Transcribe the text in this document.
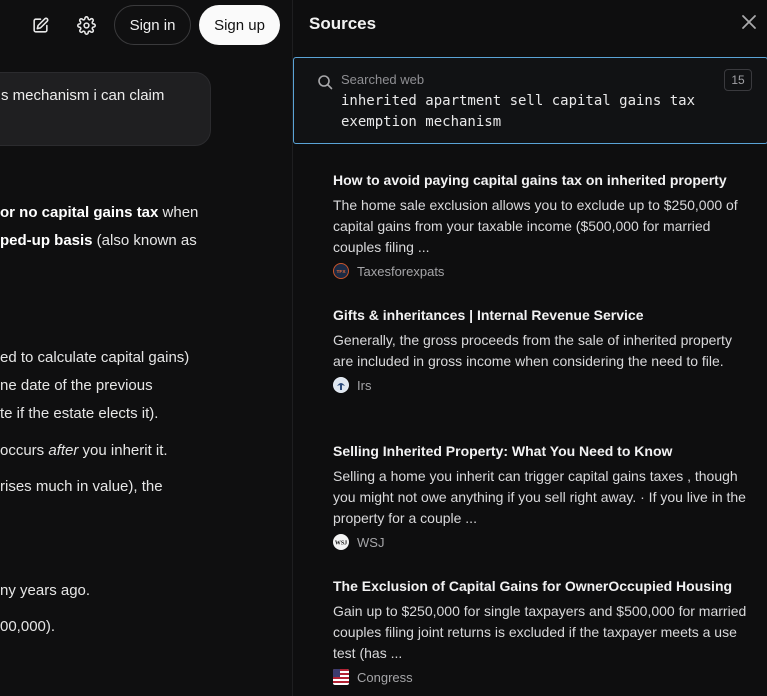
Sign in	Sign up
s mechanism i can claim
or no capital gains tax when
ped-up basis (also known as
ed to calculate capital gains)
ne date of the previous
te if the estate elects it).
occurs after you inherit it.
rises much in value), the
ny years ago.
00,000).
Sources
Searched web
inherited apartment sell capital gains tax exemption mechanism
15
How to avoid paying capital gains tax on inherited property
The home sale exclusion allows you to exclude up to $250,000 of capital gains from your taxable income ($500,000 for married couples filing ...
TFX Taxesforexpats
Gifts & inheritances | Internal Revenue Service
Generally, the gross proceeds from the sale of inherited property are included in gross income when considering the need to file.
Irs
Selling Inherited Property: What You Need to Know
Selling a home you inherit can trigger capital gains taxes , though you might not owe anything if you sell right away. · If you live in the property for a couple ...
WSJ WSJ
The Exclusion of Capital Gains for OwnerOccupied Housing
Gain up to $250,000 for single taxpayers and $500,000 for married couples filing joint returns is excluded if the taxpayer meets a use test (has ...
Congress
